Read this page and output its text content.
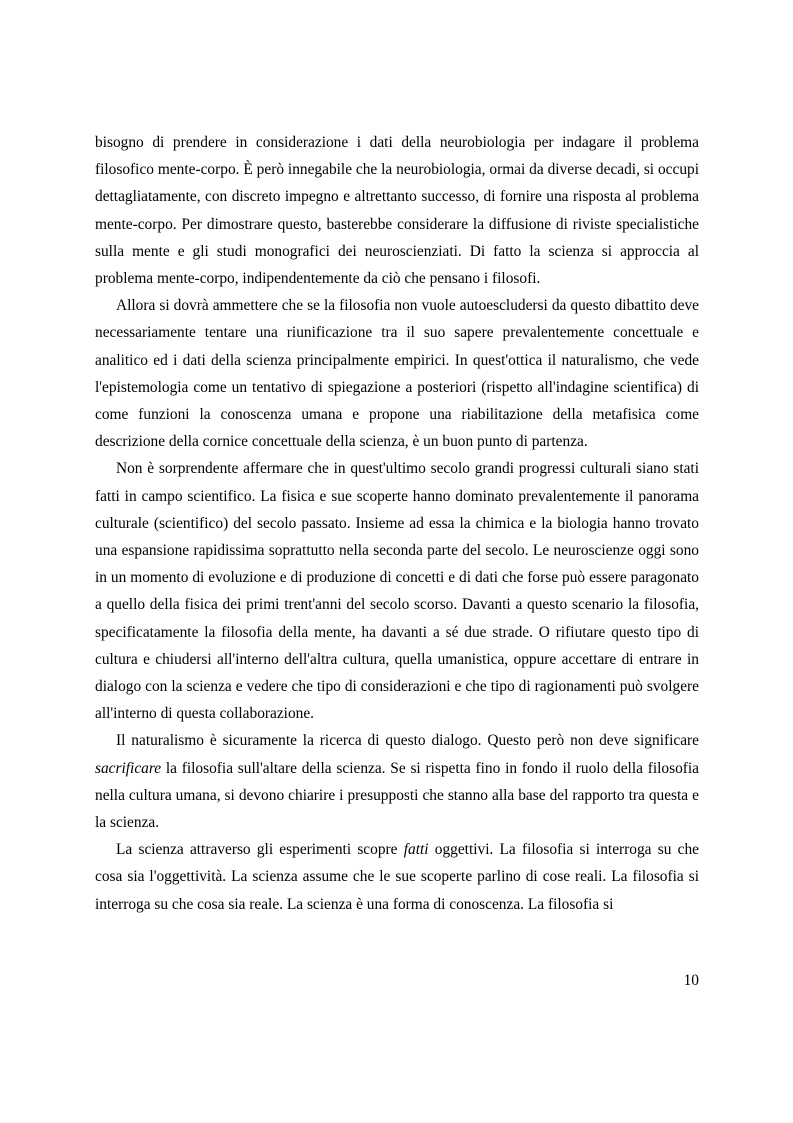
bisogno di prendere in considerazione i dati della neurobiologia per indagare il problema filosofico mente-corpo. È però innegabile che la neurobiologia, ormai da diverse decadi, si occupi dettagliatamente, con discreto impegno e altrettanto successo, di fornire una risposta al problema mente-corpo. Per dimostrare questo, basterebbe considerare la diffusione di riviste specialistiche sulla mente e gli studi monografici dei neuroscienziati. Di fatto la scienza si approccia al problema mente-corpo, indipendentemente da ciò che pensano i filosofi.

Allora si dovrà ammettere che se la filosofia non vuole autoescludersi da questo dibattito deve necessariamente tentare una riunificazione tra il suo sapere prevalentemente concettuale e analitico ed i dati della scienza principalmente empirici. In quest'ottica il naturalismo, che vede l'epistemologia come un tentativo di spiegazione a posteriori (rispetto all'indagine scientifica) di come funzioni la conoscenza umana e propone una riabilitazione della metafisica come descrizione della cornice concettuale della scienza, è un buon punto di partenza.

Non è sorprendente affermare che in quest'ultimo secolo grandi progressi culturali siano stati fatti in campo scientifico. La fisica e sue scoperte hanno dominato prevalentemente il panorama culturale (scientifico) del secolo passato. Insieme ad essa la chimica e la biologia hanno trovato una espansione rapidissima soprattutto nella seconda parte del secolo. Le neuroscienze oggi sono in un momento di evoluzione e di produzione di concetti e di dati che forse può essere paragonato a quello della fisica dei primi trent'anni del secolo scorso. Davanti a questo scenario la filosofia, specificatamente la filosofia della mente, ha davanti a sé due strade. O rifiutare questo tipo di cultura e chiudersi all'interno dell'altra cultura, quella umanistica, oppure accettare di entrare in dialogo con la scienza e vedere che tipo di considerazioni e che tipo di ragionamenti può svolgere all'interno di questa collaborazione.

Il naturalismo è sicuramente la ricerca di questo dialogo. Questo però non deve significare sacrificare la filosofia sull'altare della scienza. Se si rispetta fino in fondo il ruolo della filosofia nella cultura umana, si devono chiarire i presupposti che stanno alla base del rapporto tra questa e la scienza.

La scienza attraverso gli esperimenti scopre fatti oggettivi. La filosofia si interroga su che cosa sia l'oggettività. La scienza assume che le sue scoperte parlino di cose reali. La filosofia si interroga su che cosa sia reale. La scienza è una forma di conoscenza. La filosofia si

10
